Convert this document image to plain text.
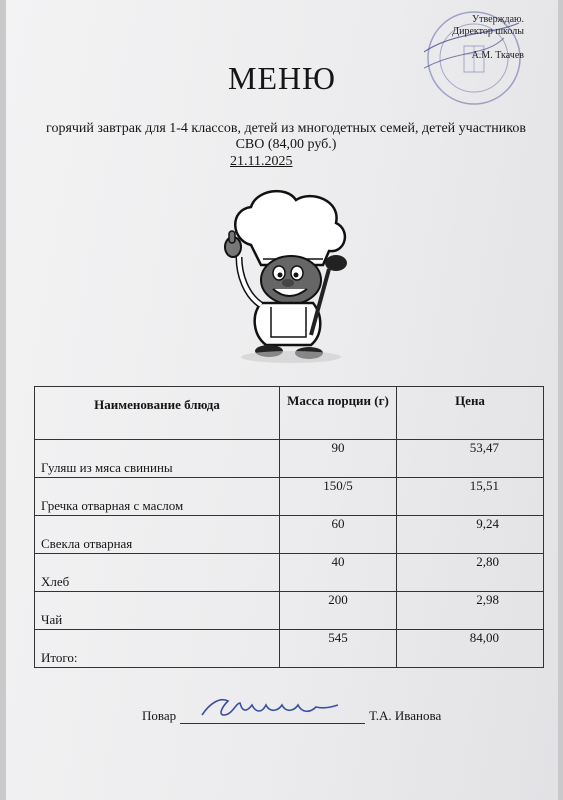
Утверждаю.
Директор школы
А.М. Ткачев
МЕНЮ
горячий завтрак для 1-4 классов, детей из многодетных семей, детей участников СВО (84,00 руб.)
21.11.2025
Наименование блюда	Масса порции (г)	Цена
Гуляш из мяса свинины	90	53,47
Гречка отварная с маслом	150/5	15,51
Свекла отварная	60	9,24
Хлеб	40	2,80
Чай	200	2,98
Итого:	545	84,00
Повар	Т.А. Иванова
